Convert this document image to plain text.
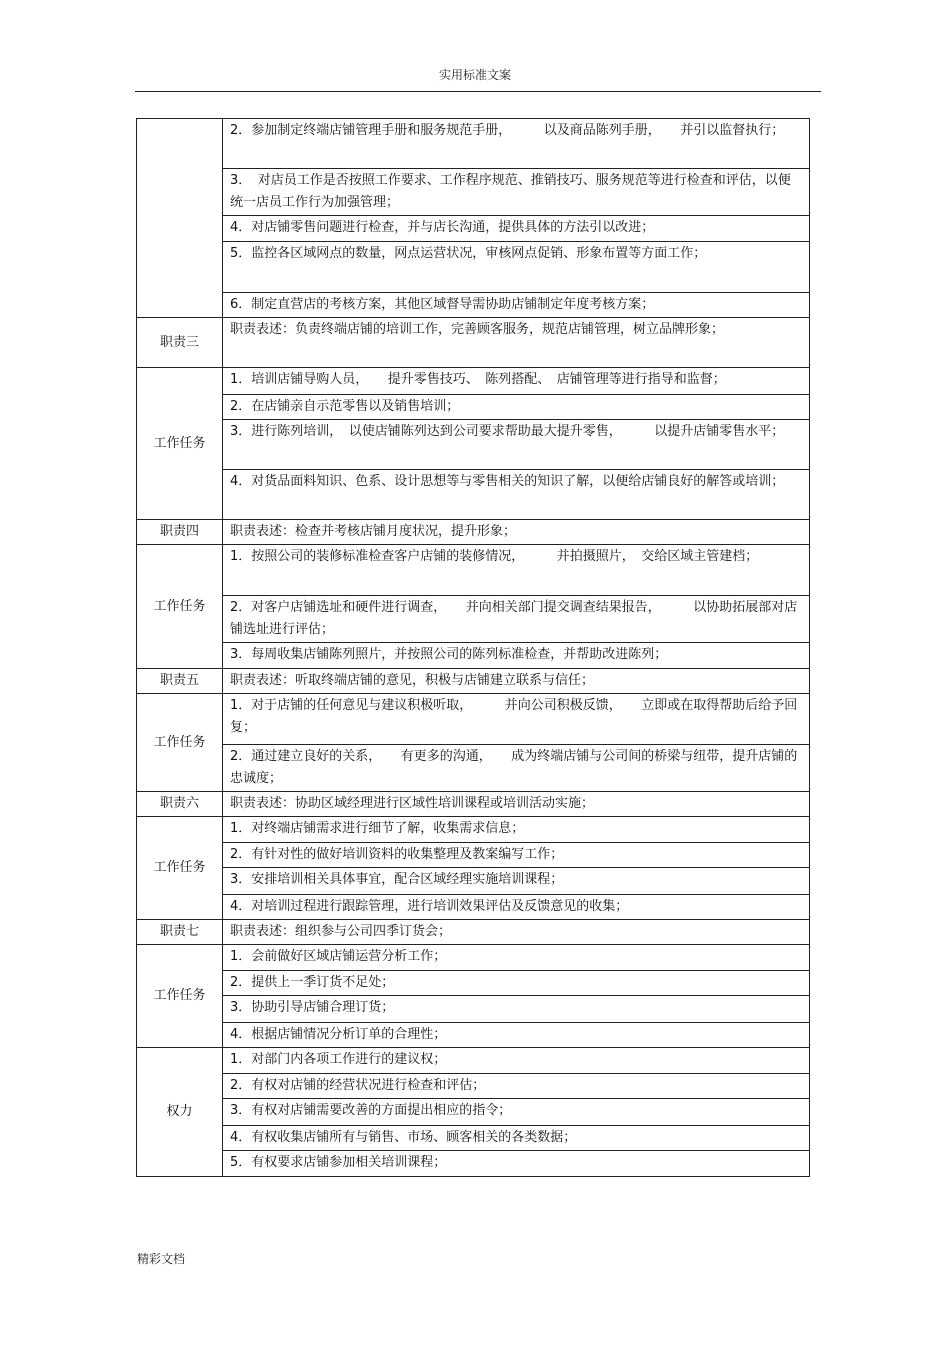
实用标准文案
	2．参加制定终端店铺管理手册和服务规范手册，　　　以及商品陈列手册，　　并引以监督执行；
	3．　对店员工作是否按照工作要求、工作程序规范、推销技巧、服务规范等进行检查和评估，以便统一店员工作行为加强管理；
	4．对店铺零售问题进行检查，并与店长沟通，提供具体的方法引以改进；
	5．监控各区域网点的数量，网点运营状况，审核网点促销、形象布置等方面工作；
	6．制定直营店的考核方案，其他区域督导需协助店铺制定年度考核方案；
职责三	职责表述：负责终端店铺的培训工作，完善顾客服务，规范店铺管理，树立品牌形象；
工作任务	1．培训店铺导购人员，　　提升零售技巧、　陈列搭配、　店铺管理等进行指导和监督；
	2．在店铺亲自示范零售以及销售培训；
	3．进行陈列培训，　以使店铺陈列达到公司要求帮助最大提升零售，　　　以提升店铺零售水平；
	4．对货品面料知识、色系、设计思想等与零售相关的知识了解，以便给店铺良好的解答或培训；
职责四	职责表述：检查并考核店铺月度状况，提升形象；
工作任务	1．按照公司的装修标准检查客户店铺的装修情况，　　　并拍摄照片，　交给区域主管建档；
	2．对客户店铺选址和硬件进行调查，　　并向相关部门提交调查结果报告，　　　以协助拓展部对店铺选址进行评估；
	3．每周收集店铺陈列照片，并按照公司的陈列标准检查，并帮助改进陈列；
职责五	职责表述：听取终端店铺的意见，积极与店铺建立联系与信任；
工作任务	1．对于店铺的任何意见与建议积极听取，　　　并向公司积极反馈，　　立即或在取得帮助后给予回复；
	2．通过建立良好的关系，　　有更多的沟通，　　成为终端店铺与公司间的桥梁与纽带，提升店铺的忠诚度；
职责六	职责表述：协助区域经理进行区域性培训课程或培训活动实施；
工作任务	1．对终端店铺需求进行细节了解，收集需求信息；
	2．有针对性的做好培训资料的收集整理及教案编写工作；
	3．安排培训相关具体事宜，配合区域经理实施培训课程；
	4．对培训过程进行跟踪管理，进行培训效果评估及反馈意见的收集；
职责七	职责表述：组织参与公司四季订货会；
工作任务	1．会前做好区域店铺运营分析工作；
	2．提供上一季订货不足处；
	3．协助引导店铺合理订货；
	4．根据店铺情况分析订单的合理性；
权力	1．对部门内各项工作进行的建议权；
	2．有权对店铺的经营状况进行检查和评估；
	3．有权对店铺需要改善的方面提出相应的指令；
	4．有权收集店铺所有与销售、市场、顾客相关的各类数据；
	5．有权要求店铺参加相关培训课程；
精彩文档
